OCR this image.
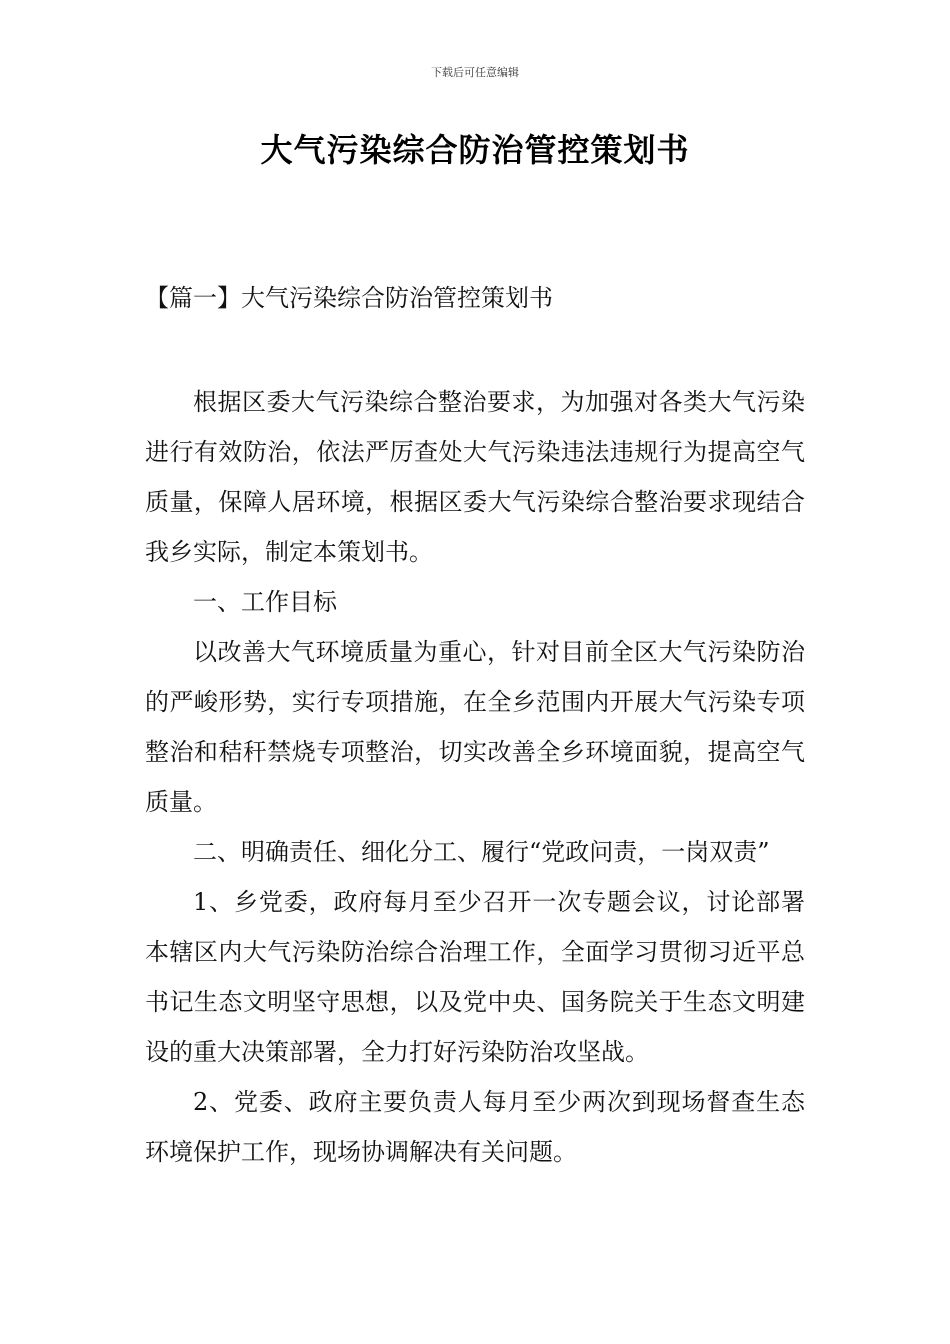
下载后可任意编辑
大气污染综合防治管控策划书
【篇一】大气污染综合防治管控策划书

根据区委大气污染综合整治要求，为加强对各类大气污染进行有效防治，依法严厉查处大气污染违法违规行为提高空气质量，保障人居环境，根据区委大气污染综合整治要求现结合我乡实际，制定本策划书。

一、工作目标

以改善大气环境质量为重心，针对目前全区大气污染防治的严峻形势，实行专项措施，在全乡范围内开展大气污染专项整治和秸秆禁烧专项整治，切实改善全乡环境面貌，提高空气质量。

二、明确责任、细化分工、履行“党政问责，一岗双责”

1、乡党委，政府每月至少召开一次专题会议，讨论部署本辖区内大气污染防治综合治理工作，全面学习贯彻习近平总书记生态文明坚守思想，以及党中央、国务院关于生态文明建设的重大决策部署，全力打好污染防治攻坚战。

2、党委、政府主要负责人每月至少两次到现场督查生态环境保护工作，现场协调解决有关问题。
